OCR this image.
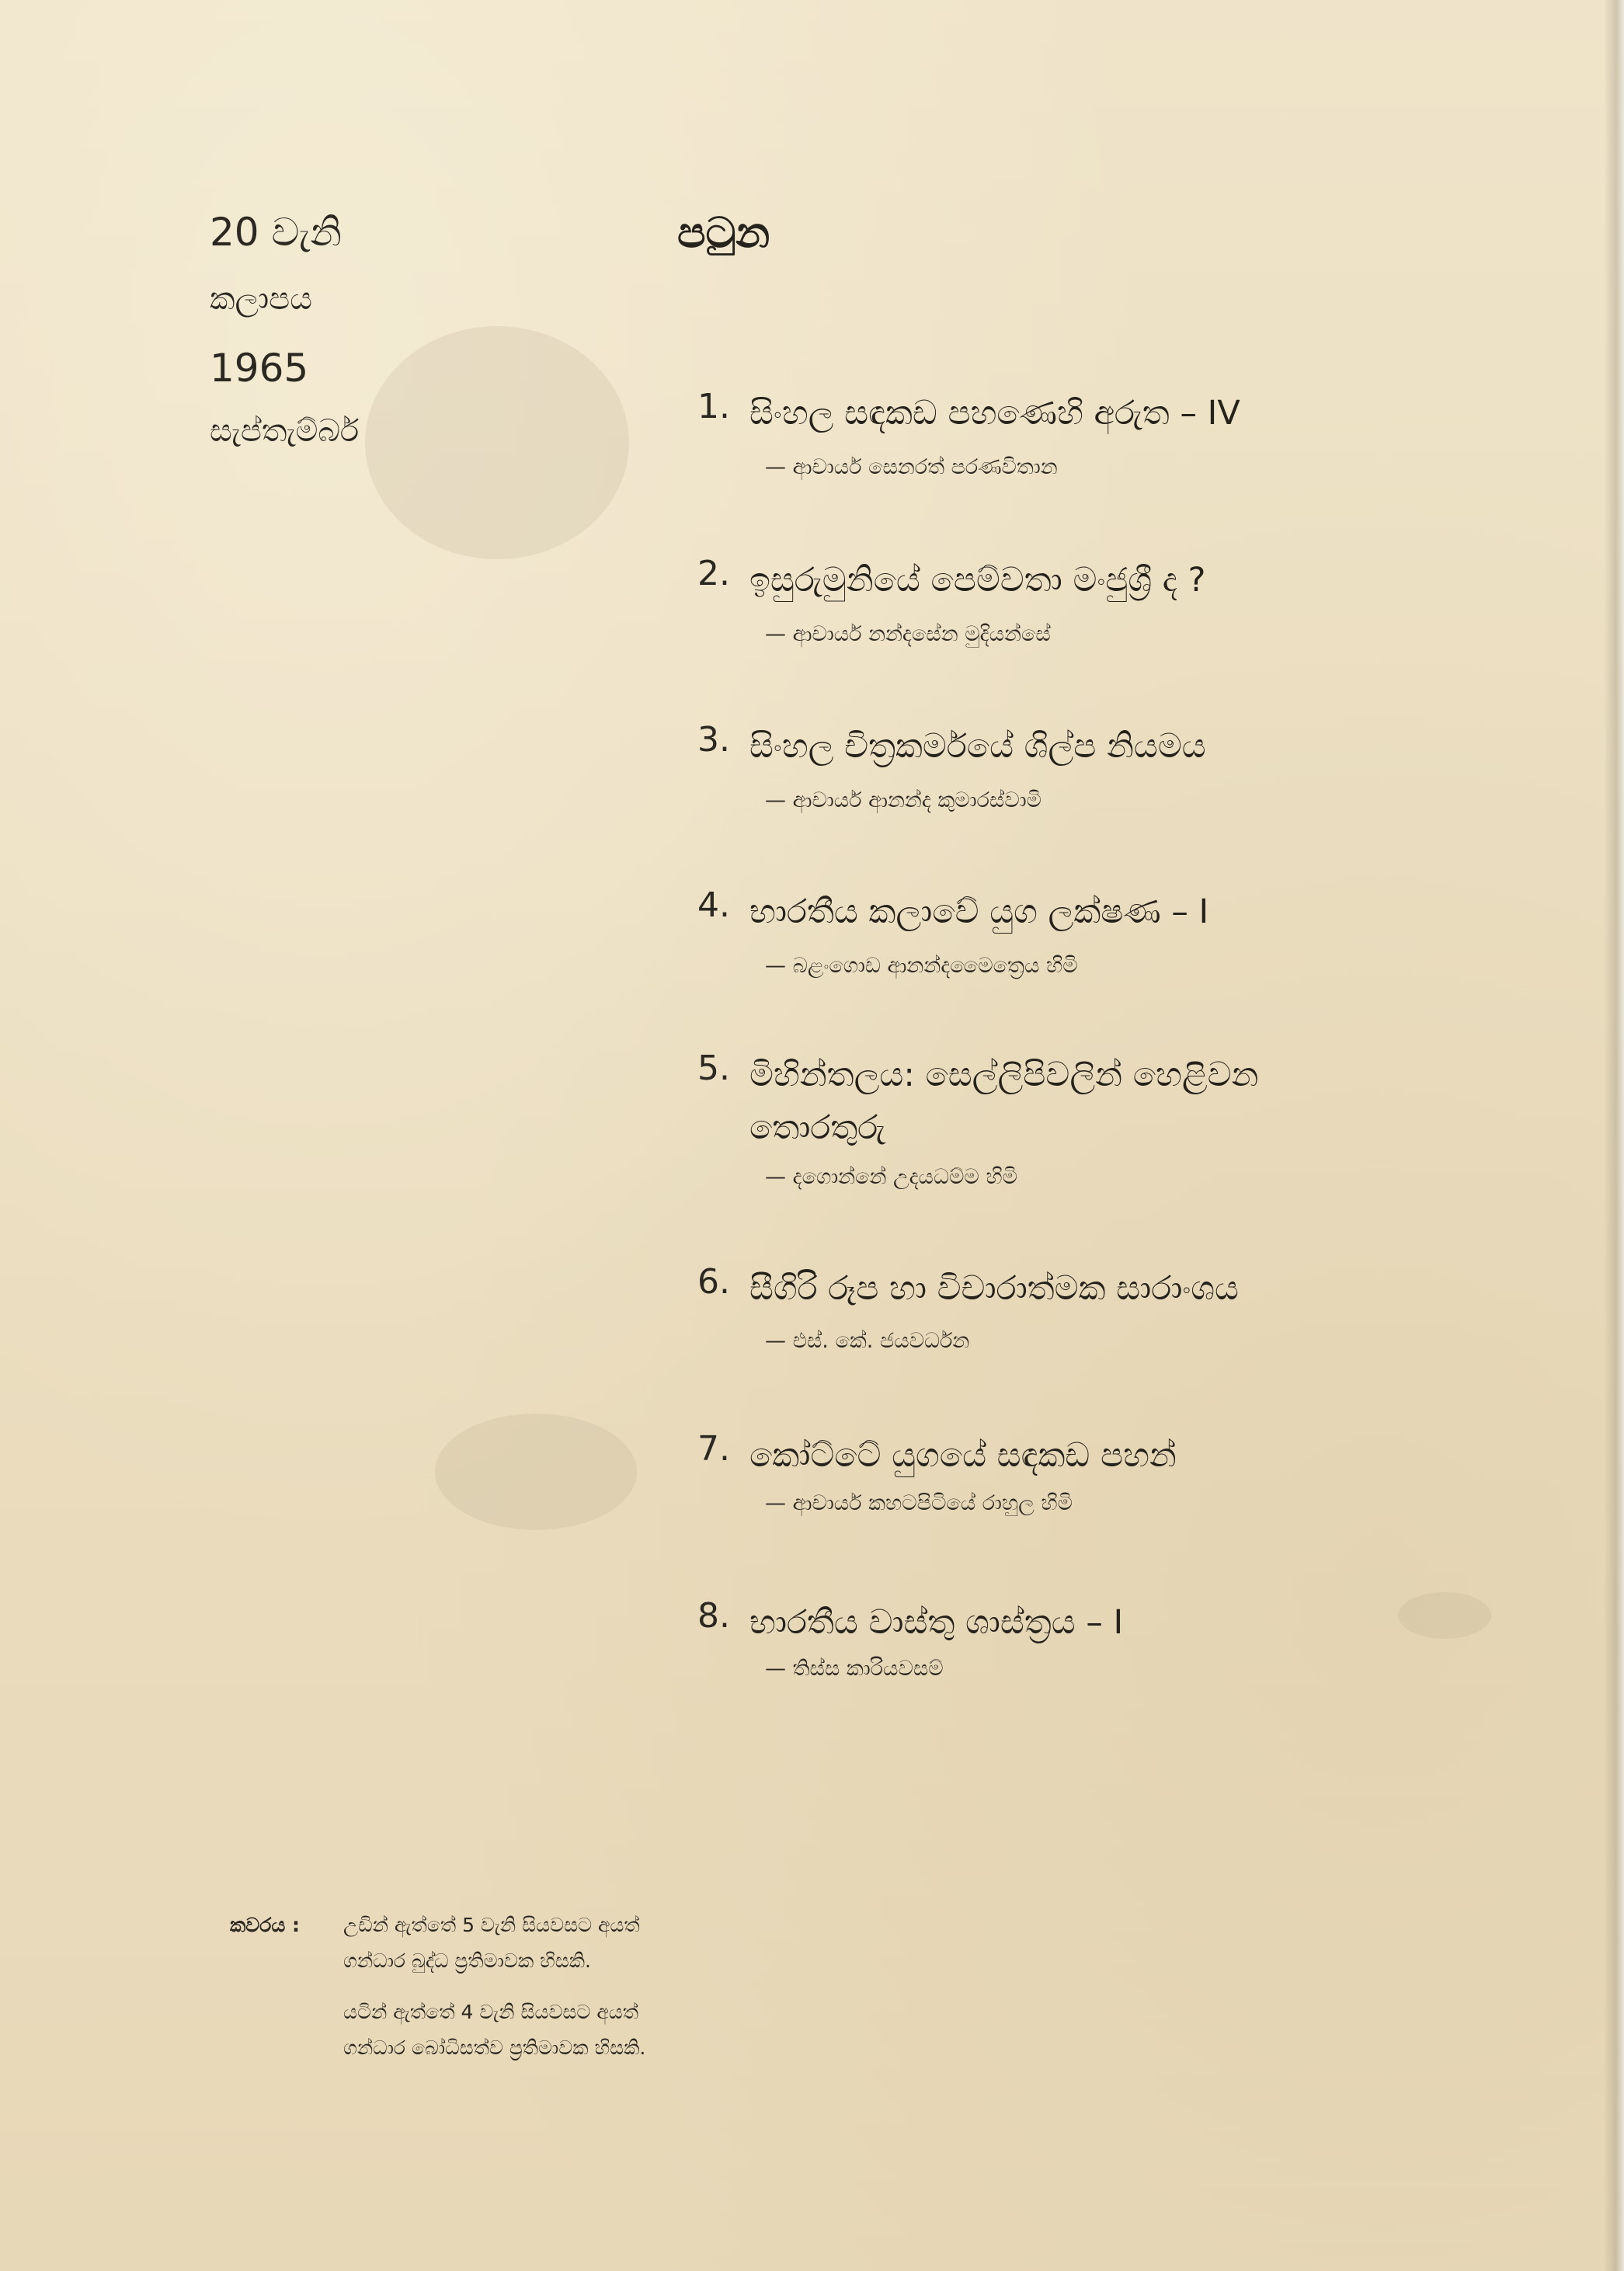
20 වැනි
කලාපය
1965
සැප්තැම්බර්
පටුන
1. සිංහල සඳකඩ පහණෙහි අරුත – IV
— ආචාර්ය සෙනරත් පරණවිතාන
2. ඉසුරුමුනියේ පෙම්වතා මංජුශ්‍රී ද ?
— ආචාර්ය නන්දසේන මුදියන්සේ
3. සිංහල චිත්‍රකර්මයේ ශිල්ප නියමය
— ආචාර්ය ආනන්ද කුමාරස්වාමි
4. භාරතීය කලාවේ යුග ලක්ෂණ – I
— බළංගොඩ ආනන්දමෛත්‍රෙය හිමි
5. මිහින්තලය: සෙල්ලිපිවලින් හෙළිවන තොරතුරු
— දගොන්නේ උදයධම්ම හිමි
6. සීගිරි රූප හා විචාරාත්මක සාරාංශය
— එස්. කේ. ජයවර්ධන
7. කෝට්ටේ යුගයේ සඳකඩ පහන්
— ආචාර්ය කහටපිටියේ රාහුල හිමි
8. භාරතීය වාස්තු ශාස්ත්‍රය – I
— තිස්ස කාරියවසම්
කවරය : උඩින් ඇත්තේ 5 වැනි සියවසට අයත්
ගන්ධාර බුද්ධ ප්‍රතිමාවක හිසකි.
යටින් ඇත්තේ 4 වැනි සියවසට අයත්
ගන්ධාර බෝධිසත්ව ප්‍රතිමාවක හිසකි.
